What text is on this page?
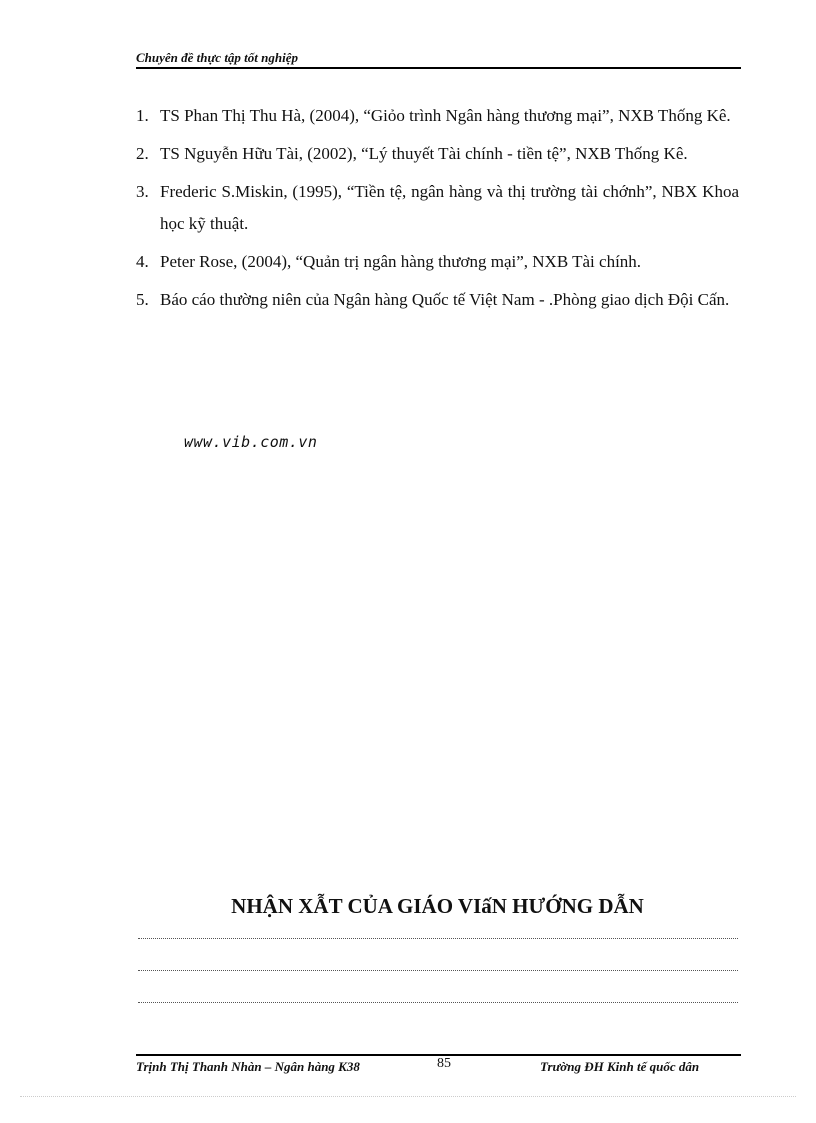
Chuyên đề thực tập tốt nghiệp
1. TS Phan Thị Thu Hà, (2004), “Giỏo trình Ngân hàng thương mại”, NXB Thống Kê.
2. TS Nguyễn Hữu Tài, (2002), “Lý thuyết Tài chính - tiền tệ”, NXB Thống Kê.
3. Frederic S.Miskin, (1995), “Tiền tệ, ngân hàng và thị trường tài chớnh”, NBX Khoa học kỹ thuật.
4. Peter Rose, (2004), “Quản trị ngân hàng thương mại”, NXB Tài chính.
5. Báo cáo thường niên của Ngân hàng Quốc tế Việt Nam - .Phòng giao dịch Đội Cấn.
www.vib.com.vn
NHẬN XẪT CỦA GIÁO VIấN HƯỚNG DẪN
Trịnh Thị Thanh Nhàn – Ngân hàng K38	85	Trường ĐH Kinh tế quốc dân
